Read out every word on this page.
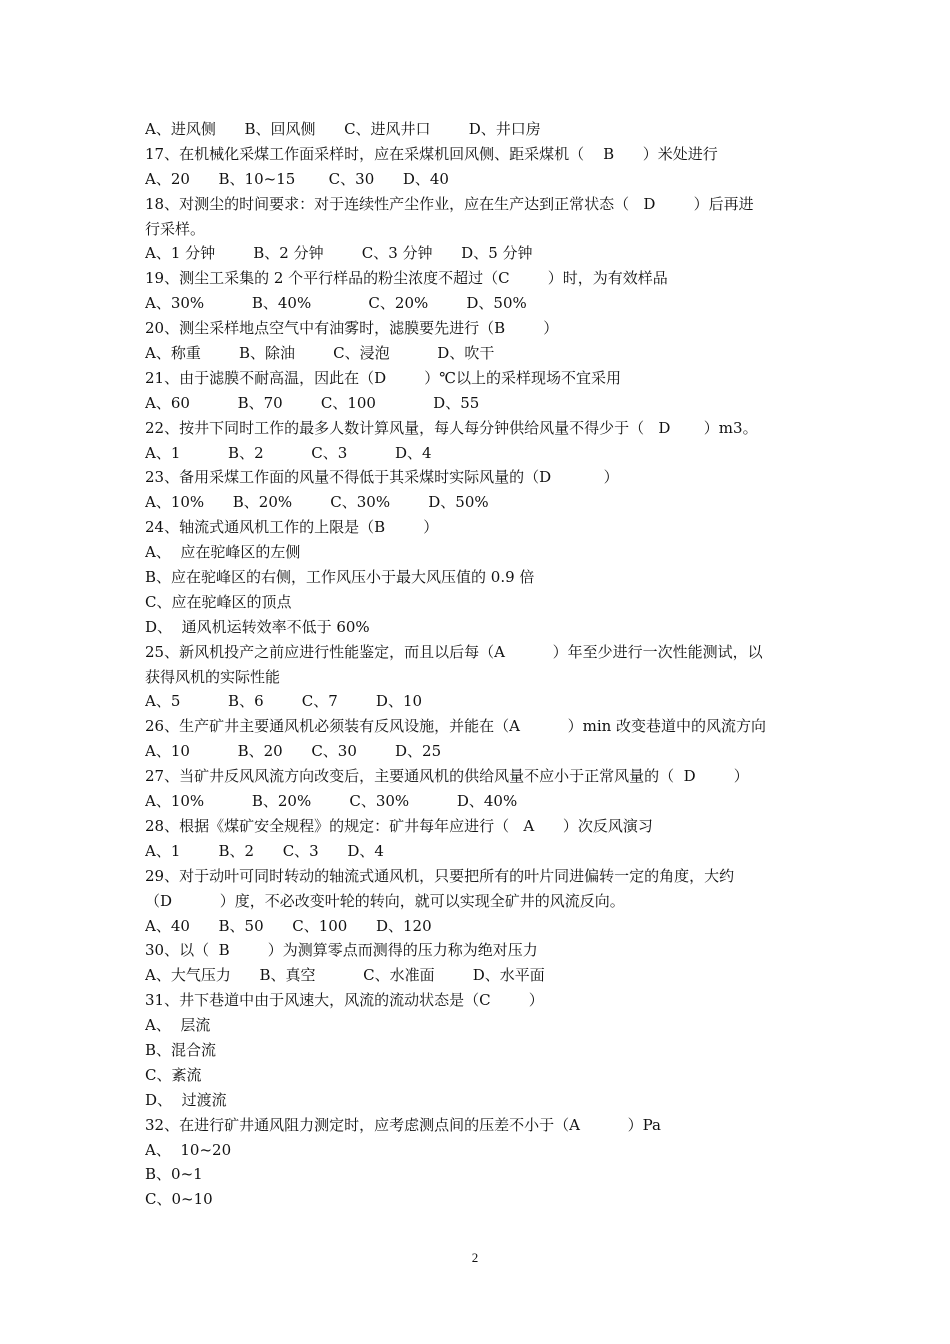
A、进风侧      B、回风侧      C、进风井口        D、井口房
17、在机械化采煤工作面采样时，应在采煤机回风侧、距采煤机（    B      ）米处进行
A、20      B、10~15       C、30      D、40
18、对测尘的时间要求：对于连续性产尘作业，应在生产达到正常状态（   D        ）后再进
行采样。
A、1 分钟        B、2 分钟        C、3 分钟      D、5 分钟
19、测尘工采集的 2 个平行样品的粉尘浓度不超过（C        ）时，为有效样品
A、30%          B、40%            C、20%        D、50%
20、测尘采样地点空气中有油雾时，滤膜要先进行（B        ）
A、称重        B、除油        C、浸泡          D、吹干
21、由于滤膜不耐高温，因此在（D        ）℃以上的采样现场不宜采用
A、60          B、70        C、100            D、55
22、按井下同时工作的最多人数计算风量，每人每分钟供给风量不得少于（   D       ）m3。
A、1          B、2          C、3          D、4
23、备用采煤工作面的风量不得低于其采煤时实际风量的（D           ）
A、10%      B、20%        C、30%        D、50%
24、轴流式通风机工作的上限是（B        ）
A、  应在驼峰区的左侧
B、应在驼峰区的右侧，工作风压小于最大风压值的 0.9 倍
C、应在驼峰区的顶点
D、  通风机运转效率不低于 60%
25、新风机投产之前应进行性能鉴定，而且以后每（A          ）年至少进行一次性能测试，以
获得风机的实际性能
A、5          B、6        C、7        D、10
26、生产矿井主要通风机必须装有反风设施，并能在（A          ）min 改变巷道中的风流方向
A、10          B、20      C、30        D、25
27、当矿井反风风流方向改变后，主要通风机的供给风量不应小于正常风量的（  D        ）
A、10%          B、20%        C、30%          D、40%
28、根据《煤矿安全规程》的规定：矿井每年应进行（   A      ）次反风演习
A、1        B、2      C、3      D、4
29、对于动叶可同时转动的轴流式通风机，只要把所有的叶片同进偏转一定的角度，大约
（D          ）度，不必改变叶轮的转向，就可以实现全矿井的风流反向。
A、40      B、50      C、100      D、120
30、以（  B        ）为测算零点而测得的压力称为绝对压力
A、大气压力      B、真空          C、水准面        D、水平面
31、井下巷道中由于风速大，风流的流动状态是（C        ）
A、  层流
B、混合流
C、紊流
D、  过渡流
32、在进行矿井通风阻力测定时，应考虑测点间的压差不小于（A          ）Pa
A、  10~20
B、0~1
C、0~10
2
